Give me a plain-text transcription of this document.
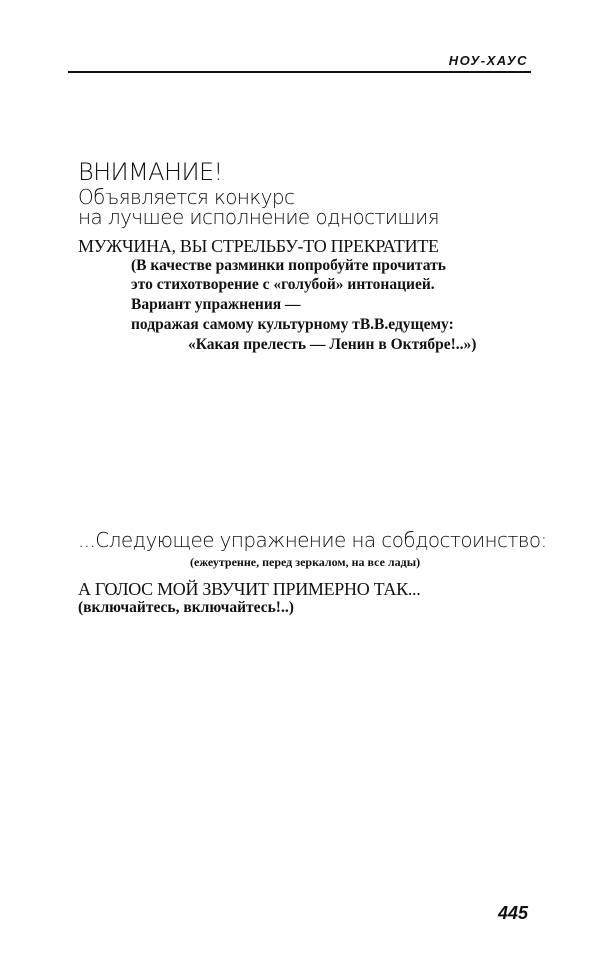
НОУ-ХАУС
ВНИМАНИЕ!
Объявляется конкурс
на лучшее исполнение одностишия
МУЖЧИНА, ВЫ СТРЕЛЬБУ-ТО ПРЕКРАТИТЕ
(В качестве разминки попробуйте прочитать
это стихотворение с «голубой» интонацией.
Вариант упражнения —
подражая самому культурному тВ.В.едущему:
«Какая прелесть — Ленин в Октябре!..»)
...Следующее упражнение на собдостоинство:
(ежеутренне, перед зеркалом, на все лады)
А ГОЛОС МОЙ ЗВУЧИТ ПРИМЕРНО ТАК...
(включайтесь, включайтесь!..)
445
